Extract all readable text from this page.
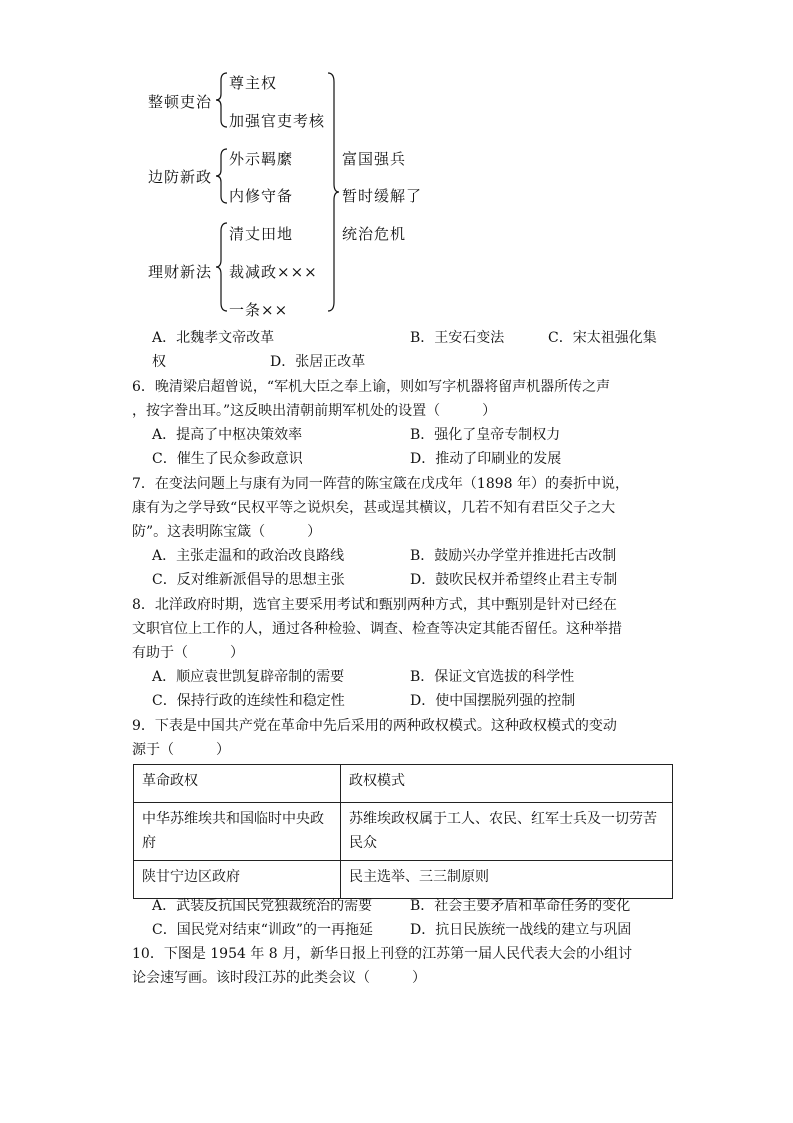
整顿吏治
尊主权
加强官吏考核
边防新政
外示羁縻
内修守备
理财新法
清丈田地
裁减政×××
一条××
富国强兵
暂时缓解了
统治危机
A．北魏孝文帝改革	B．王安石变法	C．宋太祖强化集
权	D．张居正改革
6．晚清梁启超曾说，“军机大臣之奉上谕，则如写字机器将留声机器所传之声
，按字誊出耳。”这反映出清朝前期军机处的设置（　　　）
A．提高了中枢决策效率	B．强化了皇帝专制权力
C．催生了民众参政意识	D．推动了印刷业的发展
7．在变法问题上与康有为同一阵营的陈宝箴在戊戌年（1898 年）的奏折中说，
康有为之学导致“民权平等之说炽矣，甚或逞其横议，几若不知有君臣父子之大
防”。这表明陈宝箴（　　　）
A．主张走温和的政治改良路线	B．鼓励兴办学堂并推进托古改制
C．反对维新派倡导的思想主张	D．鼓吹民权并希望终止君主专制
8．北洋政府时期，选官主要采用考试和甄别两种方式，其中甄别是针对已经在
文职官位上工作的人，通过各种检验、调查、检查等决定其能否留任。这种举措
有助于（　　　）
A．顺应袁世凯复辟帝制的需要	B．保证文官选拔的科学性
C．保持行政的连续性和稳定性	D．使中国摆脱列强的控制
9．下表是中国共产党在革命中先后采用的两种政权模式。这种政权模式的变动
源于（　　　）
革命政权	政权模式
中华苏维埃共和国临时中央政府	苏维埃政权属于工人、农民、红军士兵及一切劳苦民众
陕甘宁边区政府	民主选举、三三制原则
A．武装反抗国民党独裁统治的需要	B．社会主要矛盾和革命任务的变化
C．国民党对结束“训政”的一再拖延	D．抗日民族统一战线的建立与巩固
10．下图是 1954 年 8 月，新华日报上刊登的江苏第一届人民代表大会的小组讨
论会速写画。该时段江苏的此类会议（　　　）
